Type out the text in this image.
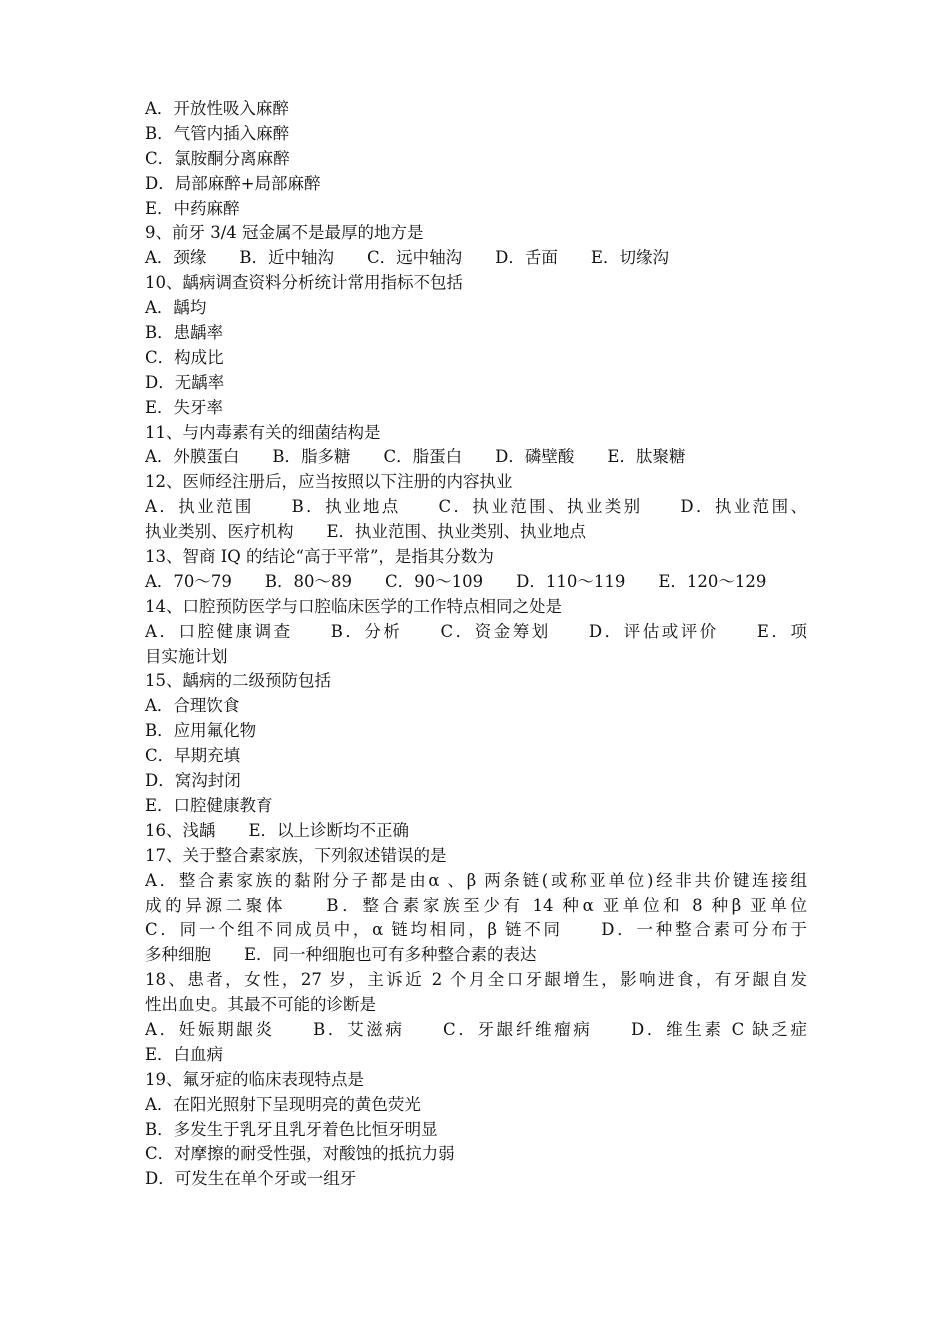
A．开放性吸入麻醉
B．气管内插入麻醉
C．氯胺酮分离麻醉
D．局部麻醉+局部麻醉
E．中药麻醉
9、前牙 3/4 冠金属不是最厚的地方是
A．颈缘　　B．近中轴沟　　C．远中轴沟　　D．舌面　　E．切缘沟
10、龋病调查资料分析统计常用指标不包括
A．龋均
B．患龋率
C．构成比
D．无龋率
E．失牙率
11、与内毒素有关的细菌结构是
A．外膜蛋白　　B．脂多糖　　C．脂蛋白　　D．磷壁酸　　E．肽聚糖
12、医师经注册后，应当按照以下注册的内容执业
A．执业范围　　B．执业地点　　C．执业范围、执业类别　　D．执业范围、
执业类别、医疗机构　　E．执业范围、执业类别、执业地点
13、智商 IQ 的结论“高于平常”，是指其分数为
A．70～79　　B．80～89　　C．90～109　　D．110～119　　E．120～129
14、口腔预防医学与口腔临床医学的工作特点相同之处是
A．口腔健康调查　　B．分析　　C．资金筹划　　D．评估或评价　　E．项
目实施计划
15、龋病的二级预防包括
A．合理饮食
B．应用氟化物
C．早期充填
D．窝沟封闭
E．口腔健康教育
16、浅龋　　E．以上诊断均不正确
17、关于整合素家族，下列叙述错误的是
A．整合素家族的黏附分子都是由α 、β 两条链(或称亚单位)经非共价键连接组
成的异源二聚体　　B．整合素家族至少有 14 种α 亚单位和 8 种β 亚单位
C．同一个组不同成员中，α 链均相同，β 链不同　　D．一种整合素可分布于
多种细胞　　E．同一种细胞也可有多种整合素的表达
18、患者，女性，27 岁，主诉近 2 个月全口牙龈增生，影响进食，有牙龈自发
性出血史。其最不可能的诊断是
A．妊娠期龈炎　　B．艾滋病　　C．牙龈纤维瘤病　　D．维生素 C 缺乏症
E．白血病
19、氟牙症的临床表现特点是
A．在阳光照射下呈现明亮的黄色荧光
B．多发生于乳牙且乳牙着色比恒牙明显
C．对摩擦的耐受性强，对酸蚀的抵抗力弱
D．可发生在单个牙或一组牙
